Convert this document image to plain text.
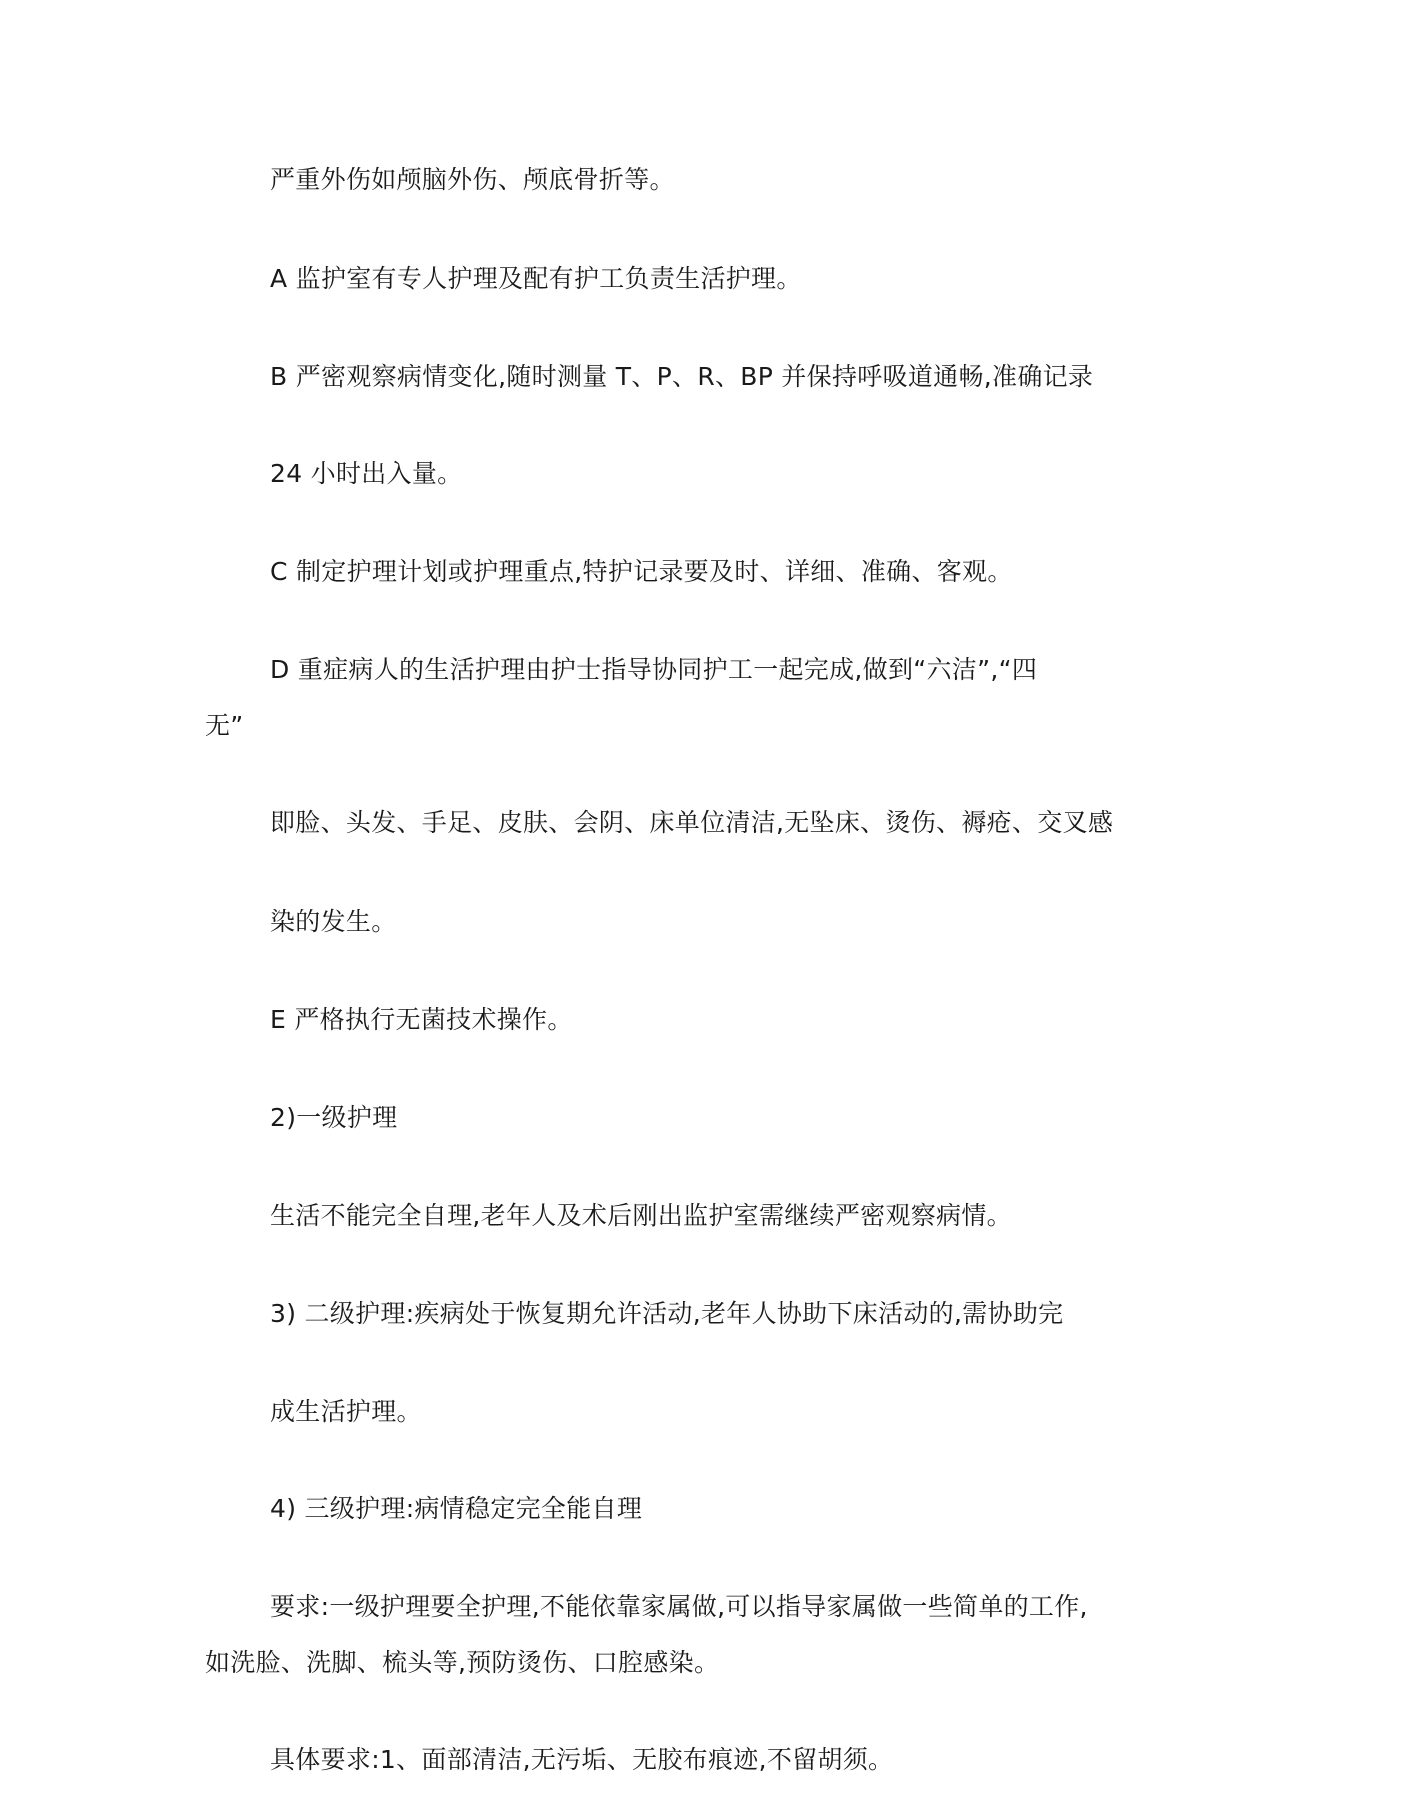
严重外伤如颅脑外伤、颅底骨折等。
A 监护室有专人护理及配有护工负责生活护理。
B 严密观察病情变化,随时测量 T、P、R、BP 并保持呼吸道通畅,准确记录
24 小时出入量。
C 制定护理计划或护理重点,特护记录要及时、详细、准确、客观。
D 重症病人的生活护理由护士指导协同护工一起完成,做到“六洁”,“四
无”
即脸、头发、手足、皮肤、会阴、床单位清洁,无坠床、烫伤、褥疮、交叉感
染的发生。
E 严格执行无菌技术操作。
2)一级护理
生活不能完全自理,老年人及术后刚出监护室需继续严密观察病情。
3) 二级护理:疾病处于恢复期允许活动,老年人协助下床活动的,需协助完
成生活护理。
4) 三级护理:病情稳定完全能自理
要求:一级护理要全护理,不能依靠家属做,可以指导家属做一些简单的工作,
如洗脸、洗脚、梳头等,预防烫伤、口腔感染。
具体要求:1、面部清洁,无污垢、无胶布痕迹,不留胡须。
